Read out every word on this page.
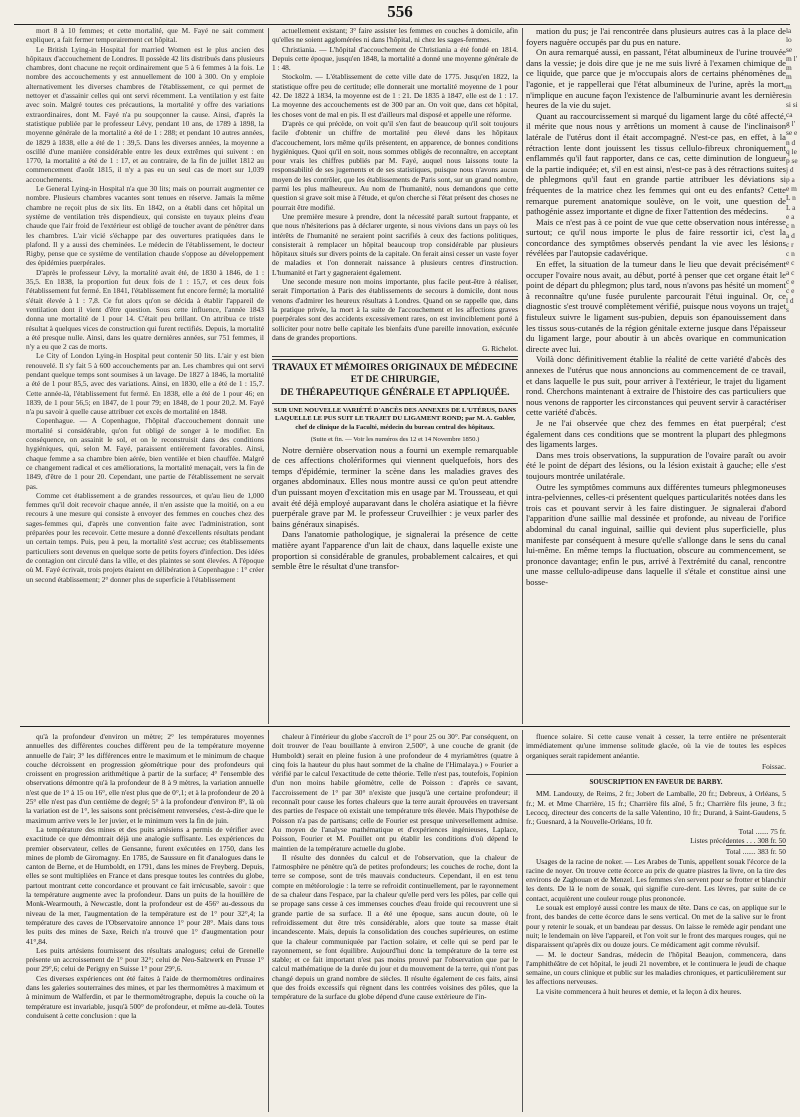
556

mort 8 à 10 femmes; et cette mortalité, que M. Fayé ne sait comment expliquer, a fait fermer temporairement cet hôpital.

Le British Lying-in Hospital for married Women est le plus ancien des hôpitaux d'accouchement de Londres. Il possède 42 lits distribués dans plusieurs chambres, dont chacune ne reçoit ordinairement que 5 à 6 femmes à la fois. Le nombre des accouchements y est annuellement de 100 à 300. On y emploie alternativement les diverses chambres de l'établissement, ce qui permet de nettoyer et d'assainir celles qui ont servi récemment. La ventilation y est faite avec soin. Malgré toutes ces précautions, la mortalité y offre des variations extraordinaires, dont M. Fayé n'a pu soupçonner la cause. Ainsi, d'après la statistique publiée par le professeur Lévy, pendant 10 ans, de 1789 à 1898, la moyenne générale de la mortalité a été de 1 : 288; et pendant 10 autres années, de 1829 à 1838, elle a été de 1 : 39,5. Dans les diverses années, la moyenne a oscillé d'une manière considérable entre les deux extrêmes qui suivent : en 1770, la mortalité a été de 1 : 17, et au contraire, de la fin de juillet 1812 au commencement d'août 1815, il n'y a pas eu un seul cas de mort sur 1,039 accouchements.

Le General Lying-in Hospital n'a que 30 lits; mais on pourrait augmenter ce nombre. Plusieurs chambres vacantes sont tenues en réserve. Jamais la même chambre ne reçoit plus de six lits. En 1842, on a établi dans cet hôpital un système de ventilation très dispendieux, qui consiste en tuyaux pleins d'eau chaude que l'air froid de l'extérieur est obligé de toucher avant de pénétrer dans les chambres. L'air vicié s'échappe par des ouvertures pratiquées dans le plafond. Il y a aussi des cheminées. Le médecin de l'établissement, le docteur Rigby, pense que ce système de ventilation chaude s'oppose au développement des épidémies puerpérales.

D'après le professeur Lévy, la mortalité avait été, de 1830 à 1846, de 1 : 35,5. En 1838, la proportion fut deux fois de 1 : 15,7, et ces deux fois l'établissement fut fermé. En 1841, l'établissement fut encore fermé; la mortalité s'était élevée à 1 : 7,8. Ce fut alors qu'on se décida à établir l'appareil de ventilation dont il vient d'être question. Sous cette influence, l'année 1843 donna une mortalité de 1 pour 14. C'était peu brillant. On attribua ce triste résultat à quelques vices de construction qui furent rectifiés. Depuis, la mortalité a été presque nulle. Ainsi, dans les quatre dernières années, sur 751 femmes, il n'y a eu que 2 cas de morts.

Le City of London Lying-in Hospital peut contenir 50 lits. L'air y est bien renouvelé. Il s'y fait 5 à 600 accouchements par an. Les chambres qui ont servi pendant quelque temps sont soumises à un lavage. De 1827 à 1846, la mortalité a été de 1 pour 85,5, avec des variations. Ainsi, en 1830, elle a été de 1 : 15,7. Cette année-là, l'établissement fut fermé. En 1838, elle a été de 1 pour 46; en 1839, de 1 pour 56,5; en 1847, de 1 pour 79; en 1848, de 1 pour 20,2. M. Fayé n'a pu savoir à quelle cause attribuer cet excès de mortalité en 1848.

Copenhague. — A Copenhague, l'hôpital d'accouchement donnait une mortalité si considérable, qu'on fut obligé de songer à le modifier. En conséquence, on assainit le sol, et on le reconstruisit dans des conditions hygiéniques, qui, selon M. Fayé, paraissent entièrement favorables. Ainsi, chaque femme a sa chambre bien aérée, bien ventilée et bien chauffée. Malgré ce changement radical et ces améliorations, la mortalité menaçait, vers la fin de 1849, d'être de 1 pour 20. Cependant, une partie de l'établissement ne servait pas.

Comme cet établissement a de grandes ressources, et qu'au lieu de 1,000 femmes qu'il doit recevoir chaque année, il n'en assiste que la moitié, on a eu recours à une mesure qui consiste à envoyer des femmes en couches chez des sages-femmes qui, d'après une convention faite avec l'administration, sont préparées pour les recevoir. Cette mesure a donné d'excellents résultats pendant un certain temps. Puis, peu à peu, la mortalité s'est accrue; ces établissements particuliers sont devenus en quelque sorte de petits foyers d'infection. Des idées de contagion ont circulé dans la ville, et des plaintes se sont élevées. A l'époque où M. Fayé écrivait, trois projets étaient en délibération à Copenhague : 1° créer un second établissement; 2° donner plus de superficie à l'établissement

actuellement existant; 3° faire assister les femmes en couches à domicile, afin qu'elles ne soient agglomérées ni dans l'hôpital, ni chez les sages-femmes.

Christiania. — L'hôpital d'accouchement de Christiania a été fondé en 1814. Depuis cette époque, jusqu'en 1848, la mortalité a donné une moyenne générale de 1 : 48.

Stockolm. — L'établissement de cette ville date de 1775. Jusqu'en 1822, la statistique offre peu de certitude; elle donnerait une mortalité moyenne de 1 pour 42. De 1822 à 1834, la moyenne est de 1 : 21. De 1835 à 1847, elle est de 1 : 17. La moyenne des accouchements est de 300 par an. On voit que, dans cet hôpital, les choses vont de mal en pis. Il est d'ailleurs mal disposé et appelle une réforme.

D'après ce qui précède, on voit qu'il s'en faut de beaucoup qu'il soit toujours facile d'obtenir un chiffre de mortalité peu élevé dans les hôpitaux d'accouchement, lors même qu'ils présentent, en apparence, de bonnes conditions hygiéniques. Quoi qu'il en soit, nous sommes obligés de reconnaître, en acceptant pour vrais les chiffres publiés par M. Fayé, auquel nous laissons toute la responsabilité de ses jugements et de ses statistiques, puisque nous n'avons aucun moyen de les contrôler, que les établissements de Paris sont, sur un grand nombre, parmi les plus malheureux. Au nom de l'humanité, nous demandons que cette question si grave soit mise à l'étude, et qu'on cherche si l'état présent des choses ne pourrait être modifié.

Une première mesure à prendre, dont la nécessité paraît surtout frappante, et que nous n'hésiterions pas à déclarer urgente, si nous vivions dans un pays où les intérêts de l'humanité ne seraient point sacrifiés à ceux des factions politiques, consisterait à remplacer un hôpital beaucoup trop considérable par plusieurs hôpitaux situés sur divers points de la capitale. On ferait ainsi cesser un vaste foyer de maladies et l'on donnerait naissance à plusieurs centres d'instruction. L'humanité et l'art y gagneraient également.

Une seconde mesure non moins importante, plus facile peut-être à réaliser, serait l'importation à Paris des établissements de secours à domicile, dont nous venons d'admirer les heureux résultats à Londres. Quand on se rappelle que, dans la pratique privée, la mort à la suite de l'accouchement et les affections graves puerpérales sont des accidents excessivement rares, on est invinciblement porté à solliciter pour notre belle capitale les bienfaits d'une pareille innovation, exécutée dans de grandes proportions.

G. Richelot.
TRAVAUX ET MÉMOIRES ORIGINAUX DE MÉDECINE ET DE CHIRURGIE,
DE THÉRAPEUTIQUE GÉNÉRALE ET APPLIQUÉE.
SUR UNE NOUVELLE VARIÉTÉ D'ABCÈS DES ANNEXES DE L'UTÉRUS, DANS LAQUELLE LE PUS SUIT LE TRAJET DU LIGAMENT ROND; par M. A. Gubler, chef de clinique de la Faculté, médecin du bureau central des hôpitaux.
(Suite et fin. — Voir les numéros des 12 et 14 Novembre 1850.)

Notre dernière observation nous a fourni un exemple remarquable de ces affections cholériformes qui viennent quelquefois, hors des temps d'épidémie, terminer la scène dans les maladies graves des organes abdominaux. Elles nous montre aussi ce qu'on peut attendre d'un puissant moyen d'excitation mis en usage par M. Trousseau, et qui avait été déjà employé auparavant dans le choléra asiatique et la fièvre puerpérale grave par M. le professeur Cruveilhier : je veux parler des bains généraux sinapisés.

Dans l'anatomie pathologique, je signalerai la présence de cette matière ayant l'apparence d'un lait de chaux, dans laquelle existe une proportion si considérable de granules, probablement calcaires, et qui semble être le résultat d'une transfor-

mation du pus; je l'ai rencontrée dans plusieurs autres cas à la place de foyers naguère occupés par du pus en nature.

On aura remarqué aussi, en passant, l'état albumineux de l'urine trouvée dans la vessie; je dois dire que je ne me suis livré à l'examen chimique de ce liquide, que parce que je m'occupais alors de certains phénomènes de l'agonie, et je rappellerai que l'état albumineux de l'urine, après la mort, n'implique en aucune façon l'existence de l'albuminurie avant les dernières heures de la vie du sujet.

Quant au raccourcissement si marqué du ligament large du côté affecté, il mérite que nous nous y arrêtions un moment à cause de l'inclinaison latérale de l'utérus dont il était accompagné. N'est-ce pas, en effet, à la rétraction lente dont jouissent les tissus cellulo-fibreux chroniquement enflammés qu'il faut rapporter, dans ce cas, cette diminution de longueur de la partie indiquée; et, s'il en est ainsi, n'est-ce pas à des rétractions suites de phlegmons qu'il faut en grande partie attribuer les déviations si fréquentes de la matrice chez les femmes qui ont eu des enfants? Cette remarque purement anatomique soulève, on le voit, une question de pathogénie assez importante et digne de fixer l'attention des médecins.

Mais ce n'est pas à ce point de vue que cette observation nous intéresse surtout; ce qu'il nous importe le plus de faire ressortir ici, c'est la concordance des symptômes observés pendant la vie avec les lésions révélées par l'autopsie cadavérique.

En effet, la situation de la tumeur dans le lieu que devait précisément occuper l'ovaire nous avait, au début, porté à penser que cet organe était le point de départ du phlegmon; plus tard, nous n'avons pas hésité un moment à reconnaître qu'une fusée purulente parcourait l'étui inguinal. Or, ce diagnostic s'est trouvé complètement vérifié, puisque nous voyons un trajet fistuleux suivre le ligament sus-pubien, depuis son épanouissement dans les tissus sous-cutanés de la région génitale externe jusque dans l'épaisseur du ligament large, pour aboutir à un abcès ovarique en communication directe avec lui.

Voilà donc définitivement établie la réalité de cette variété d'abcès des annexes de l'utérus que nous annoncions au commencement de ce travail, et dans laquelle le pus suit, pour arriver à l'extérieur, le trajet du ligament rond. Cherchons maintenant à extraire de l'histoire des cas particuliers que nous venons de rapporter les circonstances qui peuvent servir à caractériser cette variété d'abcès.

Je ne l'ai observée que chez des femmes en état puerpéral; c'est également dans ces conditions que se montrent la plupart des phlegmons des ligaments larges.

Dans mes trois observations, la suppuration de l'ovaire paraît ou avoir été le point de départ des lésions, ou la lésion existait à gauche; elle s'est toujours montrée unilatérale.

Outre les symptômes communs aux différentes tumeurs phlegmoneuses intra-pelviennes, celles-ci présentent quelques particularités notées dans les trois cas et pouvant servir à les faire distinguer. Je signalerai d'abord l'apparition d'une saillie mal dessinée et profonde, au niveau de l'orifice abdominal du canal inguinal, saillie qui devient plus superficielle, plus manifeste par conséquent à mesure qu'elle s'allonge dans le sens du canal lui-même. En même temps la fluctuation, obscure au commencement, se prononce davantage; enfin le pus, arrivé à l'extrémité du canal, rencontre une masse cellulo-adipeuse dans laquelle il s'étale et constitue ainsi une bosse-

la lo se m l' m m m in si si ca g l' se e n d q le p se j d p a e m L n L a e a c n a d c r c n e c a c c e c e l d s

qu'à la profondeur d'environ un mètre; 2° les températures moyennes annuelles des différentes couches diffèrent peu de la température moyenne annuelle de l'air; 3° les différences entre le maximum et le minimum de chaque couche décroissent en progression géométrique pour des profondeurs qui croissent en progression arithmétique à partir de la surface; 4° l'ensemble des observations démontre qu'à la profondeur de 8 à 9 mètres, la variation annuelle n'est que de 1° à 15 ou 16°, elle n'est plus que de 0°,1; et à la profondeur de 20 à 25° elle n'est pas d'un centième de degré; 5° à la profondeur d'environ 8°, là où la variation est de 1°, les saisons sont précisément renversées, c'est-à-dire que le maximum arrive vers le 1er juvier, et le minimum vers la fin de juin.

La température des mines et des puits artésiens a permis de vérifier avec exactitude ce que démontrait déjà une analogie suffisante. Les expériences du premier observateur, celles de Gensanne, furent exécutées en 1750, dans les mines de plomb de Giromagny. En 1785, de Saussure en fit d'analogues dans le canton de Berne, et de Humboldt, en 1791, dans les mines de Freyberg. Depuis, elles se sont multipliées en France et dans presque toutes les contrées du globe, partout montrant cette concordance et prouvant ce fait irrécusable, savoir : que la température augmente avec la profondeur. Dans un puits de la houillère de Monk-Wearmouth, à Newcastle, dont la profondeur est de 456° au-dessous du niveau de la mer, l'augmentation de la température est de 1° pour 32°,4; la température des caves de l'Observatoire annonce 1° pour 28°. Mais dans tous les puits des mines de Saxe, Reich n'a trouvé que 1° d'augmentation pour 41°,84.

Les puits artésiens fournissent des résultats analogues; celui de Grenelle présente un accroissement de 1° pour 32°; celui de Neu-Salzwerk en Prusse 1° pour 29°,6; celui de Perigny en Suisse 1° pour 29°,6.

Ces diverses expériences ont été faites à l'aide de thermomètres ordinaires dans les galeries souterraines des mines, et par les thermomètres à maximum et à minimum de Walferdin, et par le thermométrographe, depuis la couche où la température est invariable, jusqu'à 500° de profondeur, et même au-delà. Toutes conduisent à cette conclusion : que la

chaleur à l'intérieur du globe s'accroît de 1° pour 25 ou 30°. Par conséquent, on doit trouver de l'eau bouillante à environ 2,500°, à une couche de granit (de Humboldt) serait en pleine fusion à une profondeur de 4 myriamètres (quatre à cinq fois la hauteur du plus haut sommet de la chaîne de l'Himalaya.) » Fourier a vérifié par le calcul l'exactitude de cette théorie. Telle n'est pas, toutefois, l'opinion d'un non moins habile géomètre, celle de Poisson : d'après ce savant, l'accroissement de 1° par 30° n'existe que jusqu'à une certaine profondeur; il reconnaît pour cause les fortes chaleurs que la terre aurait éprouvées en traversant des parties de l'espace où existait une température très élevée. Mais l'hypothèse de Poisson n'a pas de partisans; celle de Fourier est presque universellement admise. Au moyen de l'analyse mathématique et d'expériences ingénieuses, Laplace, Poisson, Fourier et M. Pouillet ont pu établir les conditions d'où dépend le maintien de la température actuelle du globe.

Il résulte des données du calcul et de l'observation, que la chaleur de l'atmosphère ne pénètre qu'à de petites profondeurs; les couches de roche, dont la terre se compose, sont de très mauvais conducteurs. Cependant, il en est tenu compte en météorologie : la terre se refroidit continuellement, par le rayonnement de sa chaleur dans l'espace, par la chaleur qu'elle perd vers les pôles, par celle qui se propage sans cesse à ces immenses couches d'eau froide qui recouvrent une si grande partie de sa surface. Il a été une époque, sans aucun doute, où le refroidissement dut être très considérable, alors que toute sa masse était incandescente. Mais, depuis la consolidation des couches supérieures, on estime que la chaleur communiquée par l'action solaire, et celle qui se perd par le rayonnement, se font équilibre. Aujourd'hui donc la température de la terre est stable; et ce fait important n'est pas moins prouvé par l'observation que par le calcul mathématique de la durée du jour et du mouvement de la terre, qui n'ont pas changé depuis un grand nombre de siècles. Il résulte également de ces faits, ainsi que des froids excessifs qui règnent dans les contrées voisines des pôles, que la température de la surface du globe dépend d'une cause extérieure de l'in-

fluence solaire. Si cette cause venait à cesser, la terre entière ne présenterait immédiatement qu'une immense solitude glacée, où la vie de toutes les espèces organiques serait rapidement anéantie.

Foissac.
SOUSCRIPTION EN FAVEUR DE BARBY.

MM. Landouzy, de Reims, 2 fr.; Jobert de Lamballe, 20 fr.; Debreux, à Orléans, 5 fr.; M. et Mme Charrière, 15 fr.; Charrière fils aîné, 5 fr.; Charrière fils jeune, 3 fr.; Lecocq, directeur des concerts de la salle Valentino, 10 fr.; Durand, à Saint-Gaudens, 5 fr.; Guesnard, à la Nouvelle-Orléans, 10 fr.

Total ....... 75 fr.

Listes précédentes . . . 308 fr. 50

Total ....... 383 fr. 50

Usages de la racine de noker. — Les Arabes de Tunis, appellent souak l'écorce de la racine de noyer. On trouve cette écorce au prix de quatre piastres la livre, on la tire des environs de Zaghouan et de Menzel. Les femmes s'en servent pour se frotter et blanchir les dents. De là le nom de souak, qui signifie cure-dent. Les lèvres, par suite de ce contact, acquièrent une couleur rouge plus prononcée.

Le souak est employé aussi contre les maux de tête. Dans ce cas, on applique sur le front, des bandes de cette écorce dans le sens vertical. On met de la salive sur le front pour y retenir le souak, et un bandeau par dessus. On laisse le remède agir pendant une nuit; le lendemain on lève l'appareil, et l'on voit sur le front des marques rouges, qui ne disparaissent qu'après dix ou douze jours. Ce médicament agit comme révulsif.

— M. le docteur Sandras, médecin de l'hôpital Beaujon, commencera, dans l'amphithéâtre de cet hôpital, le jeudi 21 novembre, et le continuera le jeudi de chaque semaine, un cours clinique et public sur les maladies chroniques, et particulièrement sur les affections nerveuses.

La visite commencera à huit heures et demie, et la leçon à dix heures.
